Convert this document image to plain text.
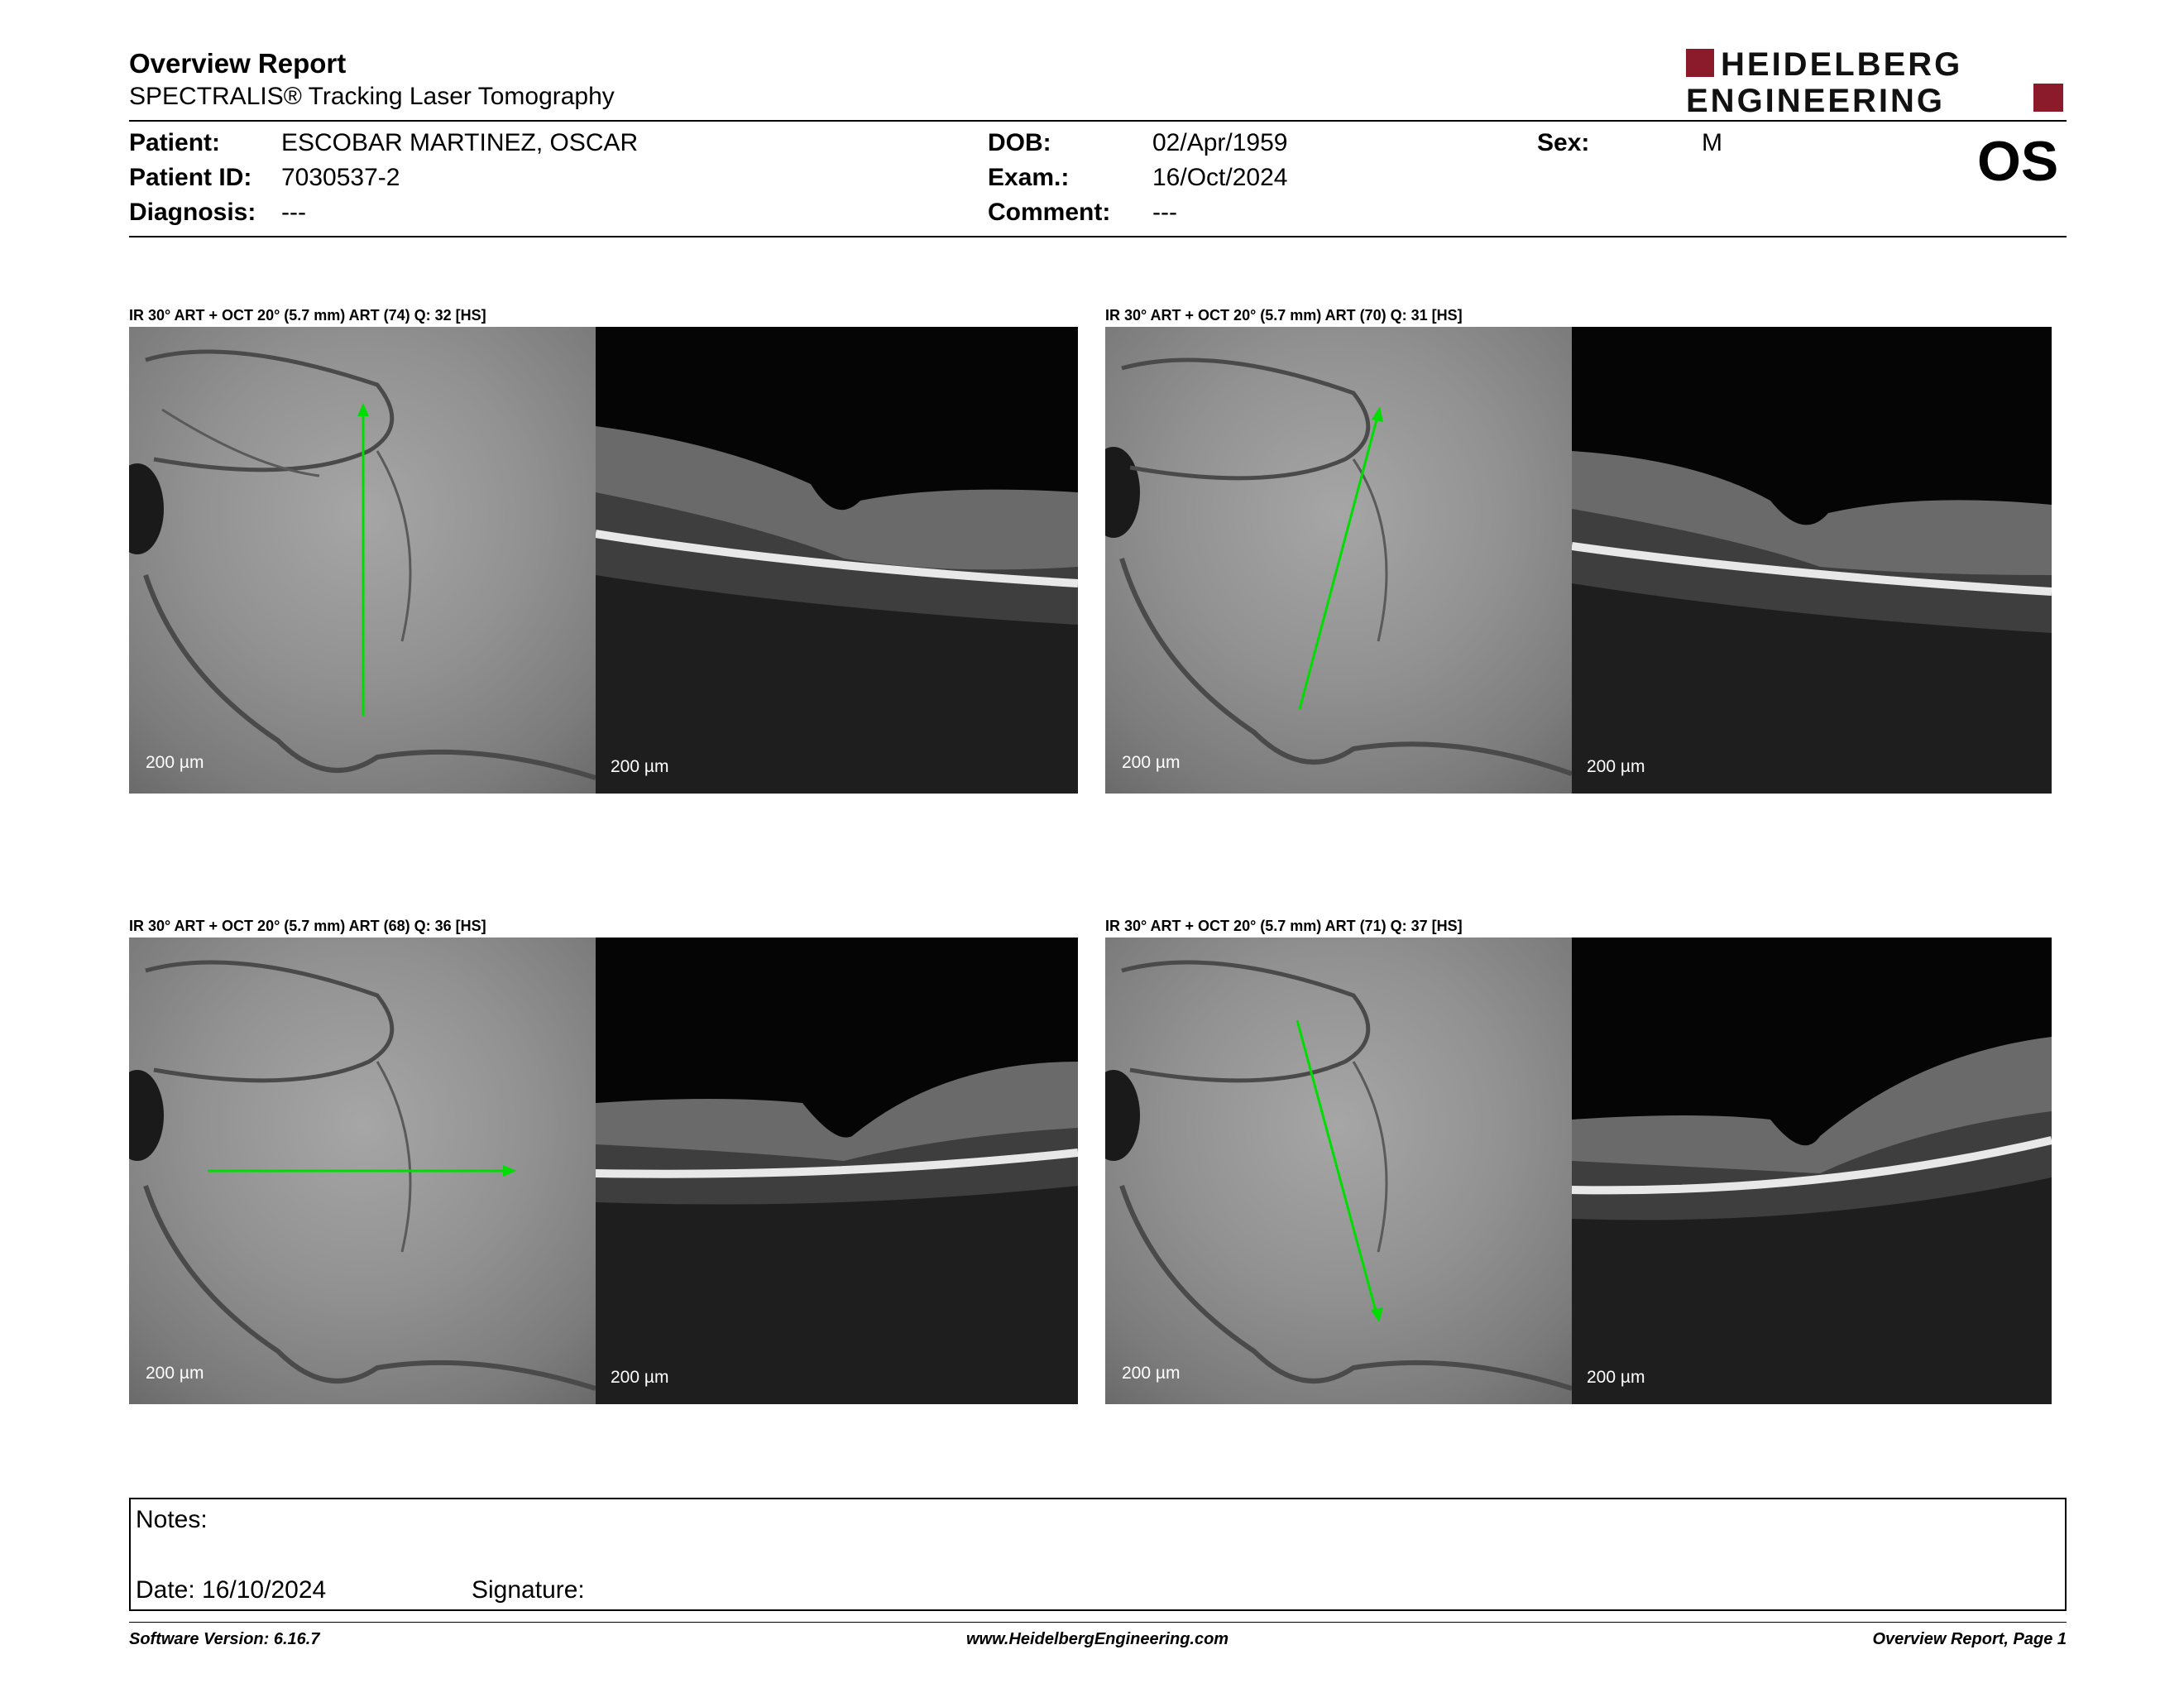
Overview Report
SPECTRALIS® Tracking Laser Tomography
HEIDELBERG
ENGINEERING
Patient: ESCOBAR MARTINEZ, OSCAR
Patient ID: 7030537-2
Diagnosis: ---
DOB:	02/Apr/1959
Exam.:	16/Oct/2024
Comment: ---
Sex:	M	OS
IR 30° ART + OCT 20° (5.7 mm) ART (74) Q: 32 [HS]
200 µm	200 µm
IR 30° ART + OCT 20° (5.7 mm) ART (70) Q: 31 [HS]
200 µm	200 µm
IR 30° ART + OCT 20° (5.7 mm) ART (68) Q: 36 [HS]
200 µm	200 µm
IR 30° ART + OCT 20° (5.7 mm) ART (71) Q: 37 [HS]
200 µm	200 µm
Notes:
Date: 16/10/2024	Signature:
Software Version: 6.16.7	www.HeidelbergEngineering.com	Overview Report, Page 1
